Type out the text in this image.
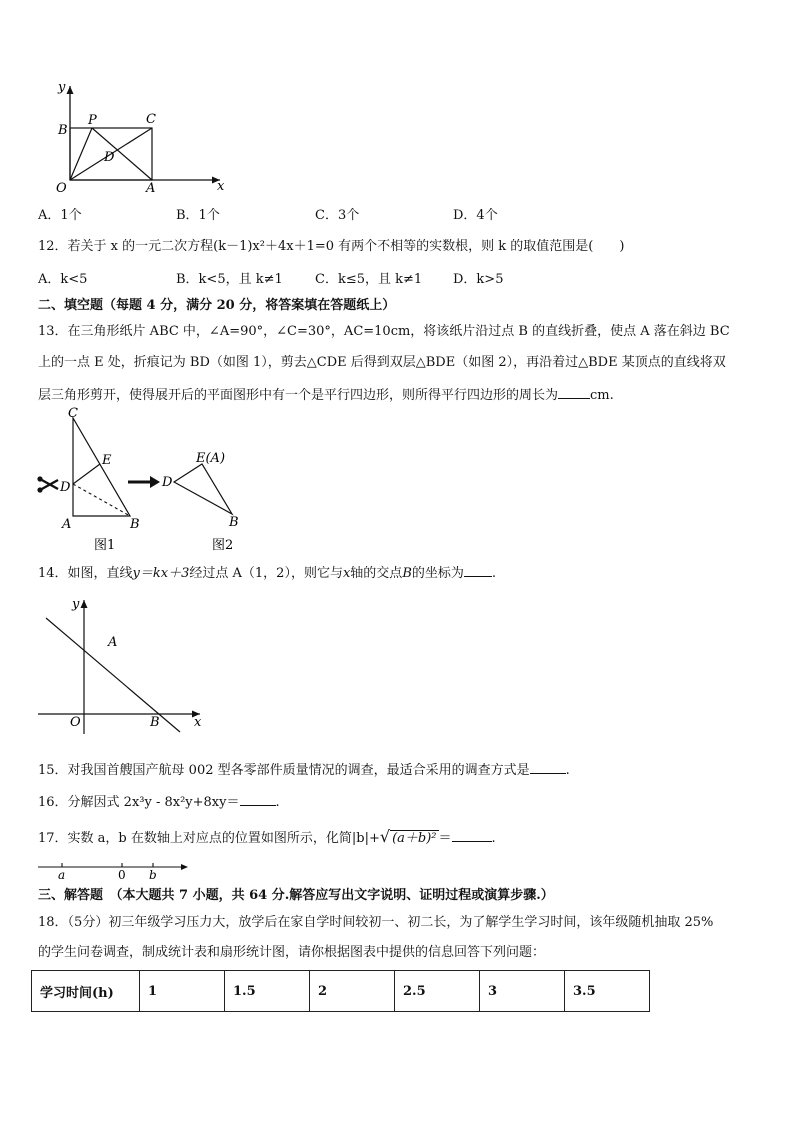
y
x
B
P	C
D
O	A
A．1个	B．1个	C．3个	D．4个
12．若关于 x 的一元二次方程(k－1)x²＋4x＋1=0 有两个不相等的实数根，则 k 的取值范围是(　　)
A．k<5	B．k<5，且 k≠1 C．k≤5，且 k≠1 D．k>5
二、填空题（每题 4 分，满分 20 分，将答案填在答题纸上）
13．在三角形纸片 ABC 中，∠A=90°，∠C=30°，AC=10cm，将该纸片沿过点 B 的直线折叠，使点 A 落在斜边 BC
上的一点 E 处，折痕记为 BD（如图 1），剪去△CDE 后得到双层△BDE（如图 2），再沿着过△BDE 某顶点的直线将双
层三角形剪开，使得展开后的平面图形中有一个是平行四边形，则所得平行四边形的周长为 cm.
C
E
D
A	B
D
E(A)
B
图1	图2
14．如图，直线y＝kx＋3经过点 A（1，2），则它与x轴的交点B的坐标为 .
y
A
O	B	x
15．对我国首艘国产航母 002 型各零部件质量情况的调查，最适合采用的调查方式是	.
16．分解因式 2x³y - 8x²y+8xy＝	.
17．实数 a，b 在数轴上对应点的位置如图所示，化简|b|+√ (a＋b)² ＝	.
a	0 b
三、解答题　（本大题共 7 小题，共 64 分.解答应写出文字说明、证明过程或演算步骤.）
18．（5分）初三年级学习压力大，放学后在家自学时间较初一、初二长，为了解学生学习时间，该年级随机抽取 25%
的学生问卷调查，制成统计表和扇形统计图，请你根据图表中提供的信息回答下列问题：
学习时间(h)	1	1.5	2	2.5	3	3.5
